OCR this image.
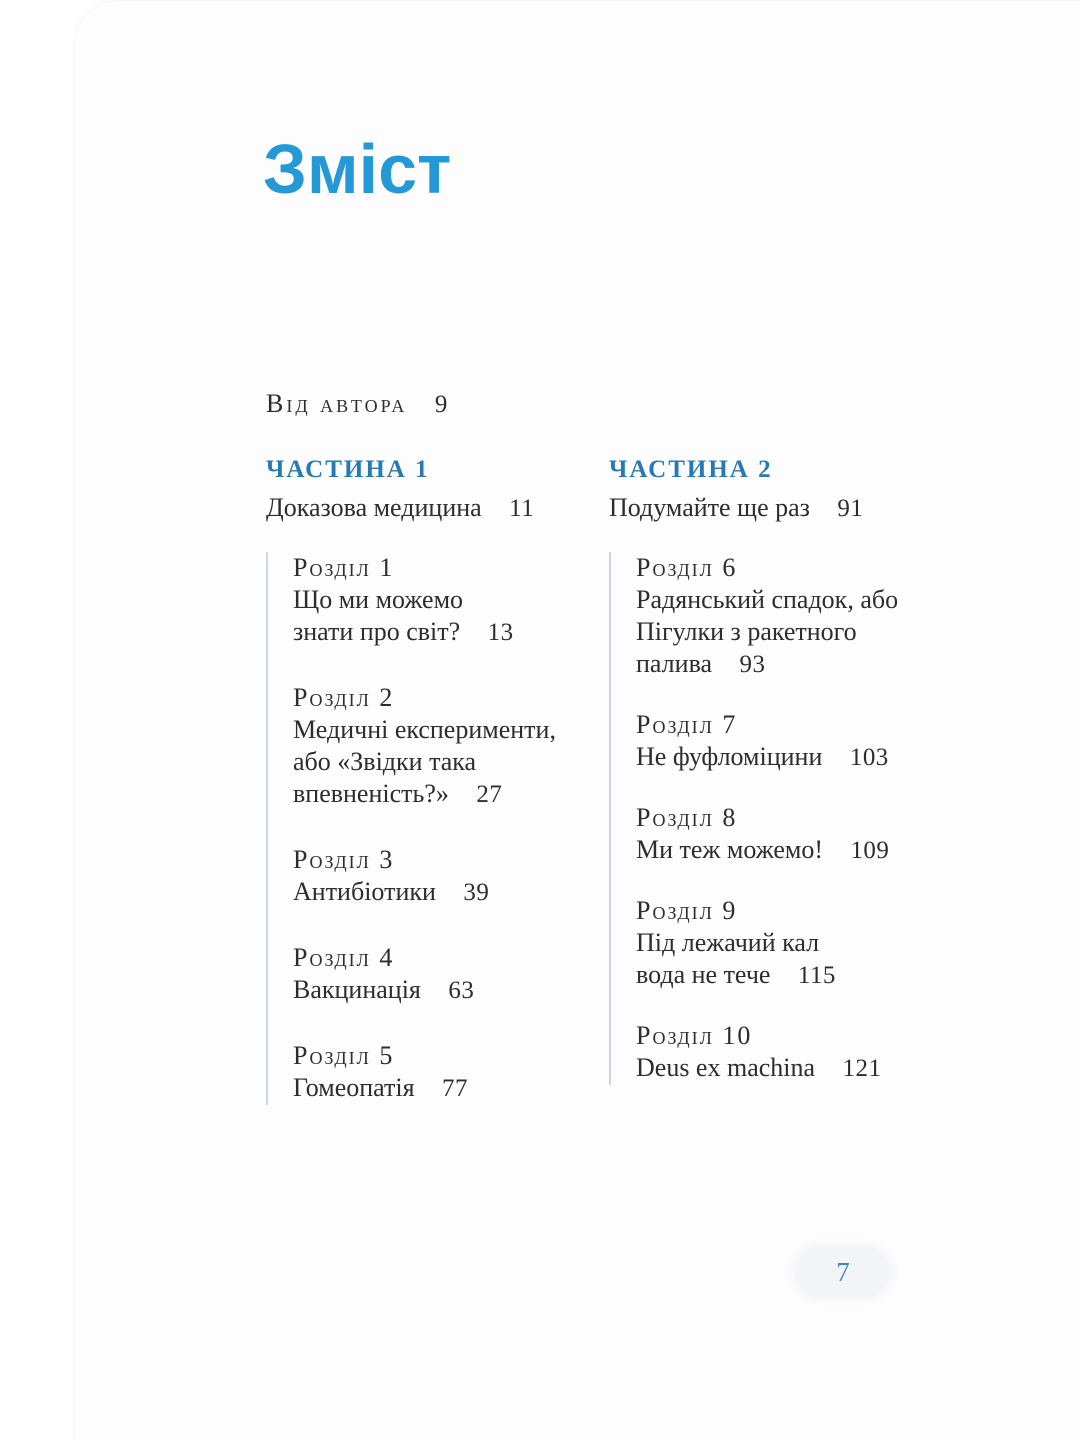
Зміст
Від автора 9
ЧАСТИНА 1
Доказова медицина 11
Розділ 1
Що ми можемо
знати про світ? 13
Розділ 2
Медичні експерименти,
або «Звідки така
впевненість?» 27
Розділ 3
Антибіотики 39
Розділ 4
Вакцинація 63
Розділ 5
Гомеопатія 77
ЧАСТИНА 2
Подумайте ще раз 91
Розділ 6
Радянський спадок, або
Пігулки з ракетного
палива 93
Розділ 7
Не фуфломіцини 103
Розділ 8
Ми теж можемо! 109
Розділ 9
Під лежачий кал
вода не тече 115
Розділ 10
Deus ex machina 121
7
